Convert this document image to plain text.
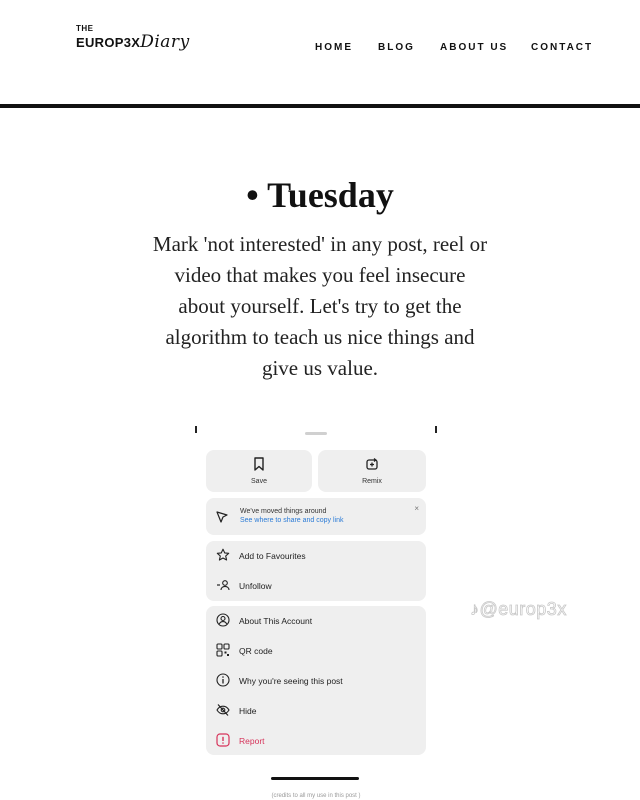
THE
EUROP3XDiary	HOME	BLOG	ABOUT US CONTACT
• Tuesday

Mark 'not interested' in any post, reel or video that makes you feel insecure about yourself. Let's try to get the algorithm to teach us nice things and give us value.

Save	Remix
We've moved things around
See where to share and copy link
×
Add to Favourites
Unfollow
About This Account
QR code
Why you're seeing this post
Hide
Report
(credits to all my use in this post )
♪@europ3x
